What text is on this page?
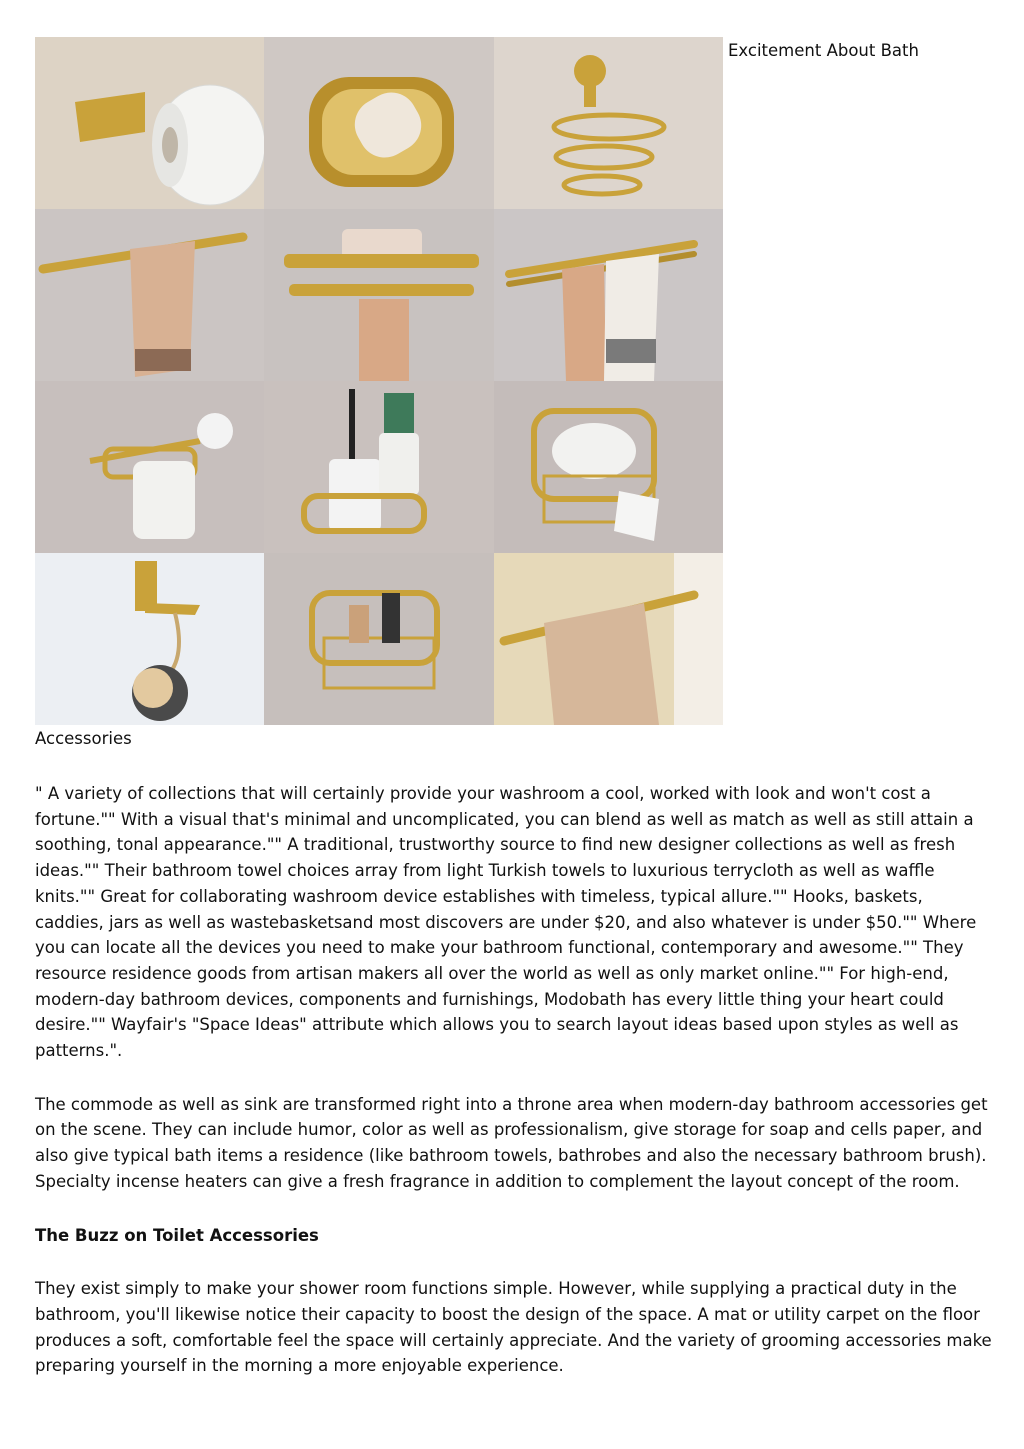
Excitement About Bath
Accessories

" A variety of collections that will certainly provide your washroom a cool, worked with look and won't cost a fortune."" With a visual that's minimal and uncomplicated, you can blend as well as match as well as still attain a soothing, tonal appearance."" A traditional, trustworthy source to find new designer collections as well as fresh ideas."" Their bathroom towel choices array from light Turkish towels to luxurious terrycloth as well as waffle knits."" Great for collaborating washroom device establishes with timeless, typical allure."" Hooks, baskets, caddies, jars as well as wastebasketsand most discovers are under $20, and also whatever is under $50."" Where you can locate all the devices you need to make your bathroom functional, contemporary and awesome."" They resource residence goods from artisan makers all over the world as well as only market online."" For high-end, modern-day bathroom devices, components and furnishings, Modobath has every little thing your heart could desire."" Wayfair's "Space Ideas" attribute which allows you to search layout ideas based upon styles as well as patterns.".

The commode as well as sink are transformed right into a throne area when modern-day bathroom accessories get on the scene. They can include humor, color as well as professionalism, give storage for soap and cells paper, and also give typical bath items a residence (like bathroom towels, bathrobes and also the necessary bathroom brush). Specialty incense heaters can give a fresh fragrance in addition to complement the layout concept of the room.

The Buzz on Toilet Accessories

They exist simply to make your shower room functions simple. However, while supplying a practical duty in the bathroom, you'll likewise notice their capacity to boost the design of the space. A mat or utility carpet on the floor produces a soft, comfortable feel the space will certainly appreciate. And the variety of grooming accessories make preparing yourself in the morning a more enjoyable experience.
